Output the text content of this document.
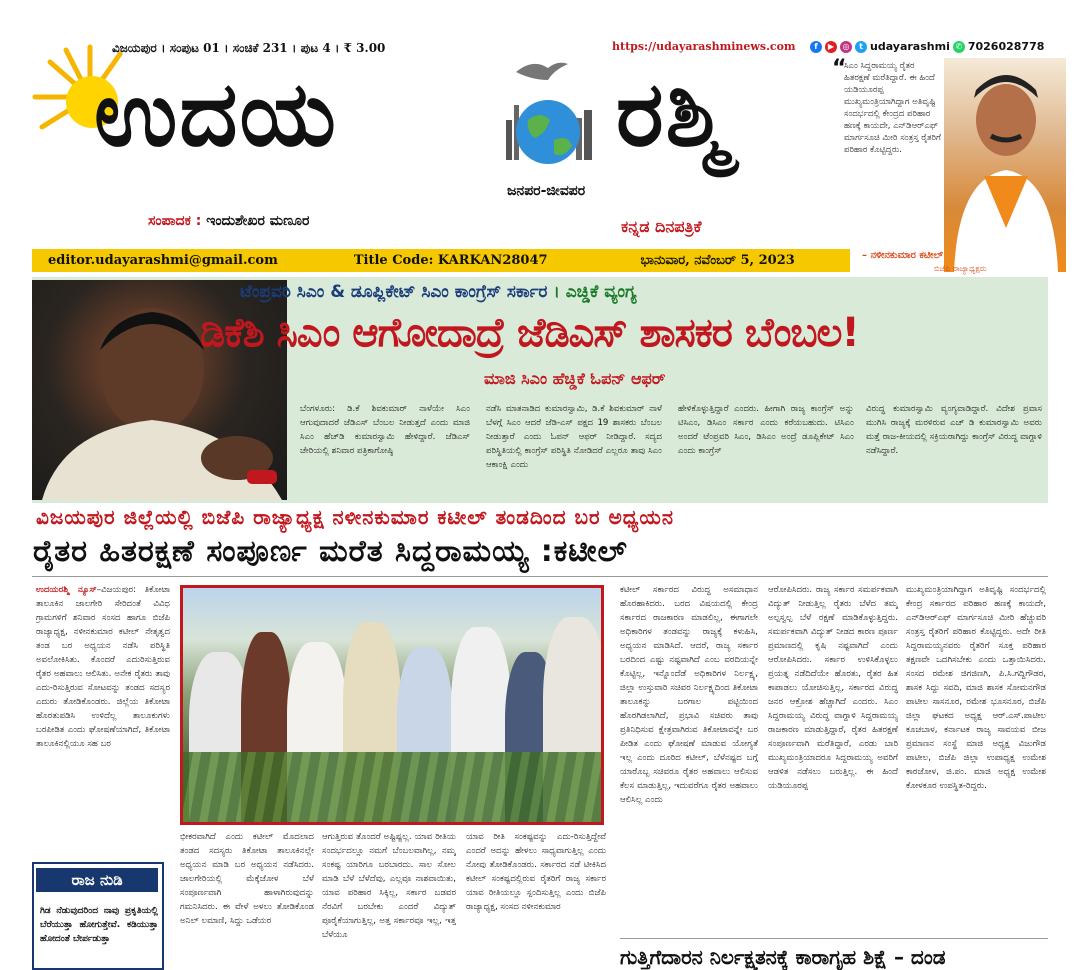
ವಿಜಯಪುರ । ಸಂಪುಟ 01 । ಸಂಚಿಕೆ 231 । ಪುಟ 4 । ₹ 3.00	https://udayarashminews.com	f	▶	◎	t udayarashmi ✆ 7026028778
ಉದಯ	ರಶ್ಮಿ
ಜನಪರ-ಜೀವಪರ
ಸಂಪಾದಕ : ಇಂದುಶೇಖರ ಮಣೂರ	ಕನ್ನಡ ದಿನಪತ್ರಿಕೆ
editor.udayarashmi@gmail.com	Title Code: KARKAN28047	ಭಾನುವಾರ, ನವೆಂಬರ್ 5, 2023
“
ಸಿಎಂ ಸಿದ್ದರಾಮಯ್ಯ ರೈತರ ಹಿತರಕ್ಷಣೆ ಮರೆತಿದ್ದಾರೆ. ಈ ಹಿಂದೆ ಯಡಿಯೂರಪ್ಪ ಮುಖ್ಯಮಂತ್ರಿಯಾಗಿದ್ದಾಗ ಅತಿವೃಷ್ಟಿ ಸಂದರ್ಭದಲ್ಲಿ ಕೇಂದ್ರದ ಪರಿಹಾರ ಹಣಕ್ಕೆ ಕಾಯದೇ, ಎನ್‌ಡಿಆರ್‌ಎಫ್ ಮಾರ್ಗಸೂಚಿ ಮೀರಿ ಸಂತ್ರಸ್ತ ರೈತರಿಗೆ ಪರಿಹಾರ ಕೊಟ್ಟಿದ್ದರು.
– ನಳೀನಕುಮಾರ ಕಟೀಲ್
ಬಿಜೆಪಿ ರಾಜ್ಯಾಧ್ಯಕ್ಷರು
ಟೆಂಪ್ರವರಿ ಸಿಎಂ & ಡೂಪ್ಲಿಕೇಟ್ ಸಿಎಂ ಕಾಂಗ್ರೆಸ್ ಸರ್ಕಾರ । ಎಚ್ಡಿಕೆ ವ್ಯಂಗ್ಯ
ಡಿಕೆಶಿ ಸಿಎಂ ಆಗೋದಾದ್ರೆ ಜೆಡಿಎಸ್ ಶಾಸಕರ ಬೆಂಬಲ!
ಮಾಜಿ ಸಿಎಂ ಹೆಚ್ಡಿಕೆ ಓಪನ್ ಆಫರ್
ಬೆಂಗಳೂರು: ಡಿ.ಕೆ ಶಿವಕುಮಾರ್ ನಾಳೆಯೇ ಸಿಎಂ ಆಗುವುದಾದರೆ ಜೆಡಿಎಸ್ ಬೆಂಬಲ ನೀಡುತ್ತದೆ ಎಂದು ಮಾಜಿ ಸಿಎಂ ಹೆಚ್‌ಡಿ ಕುಮಾರಸ್ವಾಮಿ ಹೇಳಿದ್ದಾರೆ. ಜೆಡಿಎಸ್ ಚೇರಿಯಲ್ಲಿ ಶನಿವಾರ ಪತ್ರಿಕಾಗೋಷ್ಠಿ
ನಡೆಸಿ ಮಾತನಾಡಿದ ಕುಮಾರಸ್ವಾಮಿ, ಡಿ.ಕೆ ಶಿವಕುಮಾರ್ ನಾಳೆ ಬೆಳಗ್ಗೆ ಸಿಎಂ ಆದರೆ ಜೆಡಿ-ಎಸ್ ಪಕ್ಷದ 19 ಶಾಸಕರು ಬೆಂಬಲ ನೀಡುತ್ತಾರೆ ಎಂದು ಓಪನ್ ಆಫರ್ ನೀಡಿದ್ದಾರೆ. ಸದ್ಯದ ಪರಿಸ್ಥಿತಿಯಲ್ಲಿ ಕಾಂಗ್ರೆಸ್ ಪರಿಸ್ಥಿತಿ ನೋಡಿದರೆ ಎಲ್ಲರೂ ತಾವು ಸಿಎಂ ಆಕಾಂಕ್ಷಿ ಎಂದು
ಹೇಳಿಕೊಳ್ಳುತ್ತಿದ್ದಾರೆ ಎಂದರು. ಹೀಗಾಗಿ ರಾಜ್ಯ ಕಾಂಗ್ರೆಸ್ ಅನ್ನು ಟಿಸಿಎಂ, ಡಿಸಿಎಂ ಸರ್ಕಾರ ಎಂದು ಕರೆಯಬಹುದು. ಟಿಸಿಎಂ ಅಂದರೆ ಟೆಂಪ್ರವರಿ ಸಿಎಂ, ಡಿಸಿಎಂ ಅಂದ್ರೆ ಡೂಪ್ಲಿಕೇಟ್ ಸಿಎಂ ಎಂದು ಕಾಂಗ್ರೆಸ್
ವಿರುದ್ಧ ಕುಮಾರಸ್ವಾಮಿ ವ್ಯಂಗ್ಯವಾಡಿದ್ದಾರೆ. ವಿದೇಶ ಪ್ರವಾಸ ಮುಗಿಸಿ ರಾಜ್ಯಕ್ಕೆ ಮರಳಿರುವ ಎಚ್ ಡಿ ಕುಮಾರಸ್ವಾಮಿ ಅವರು ಮತ್ತೆ ರಾಜ-ಕೀಯದಲ್ಲಿ ಸಕ್ರಿಯರಾಗಿದ್ದು ಕಾಂಗ್ರೆಸ್ ವಿರುದ್ಧ ವಾಗ್ದಾಳಿ ನಡೆಸಿದ್ದಾರೆ.
ವಿಜಯಪುರ ಜಿಲ್ಲೆಯಲ್ಲಿ ಬಿಜೆಪಿ ರಾಜ್ಯಾಧ್ಯಕ್ಷ ನಳೀನಕುಮಾರ ಕಟೀಲ್ ತಂಡದಿಂದ ಬರ ಅಧ್ಯಯನ
ರೈತರ ಹಿತರಕ್ಷಣೆ ಸಂಪೂರ್ಣ ಮರೆತ ಸಿದ್ದರಾಮಯ್ಯ :ಕಟೀಲ್
ಉದಯರಶ್ಮಿ ನ್ಯೂಸ್–ವಿಜಯಪುರ: ತಿಕೋಟಾ ತಾಲೂಕಿನ ಜಾಲಗೇರಿ ಸೇರಿದಂತೆ ವಿವಿಧ ಗ್ರಾಮಗಳಿಗೆ ಶನಿವಾರ ಸಂಸದ ಹಾಗೂ ಬಿಜೆಪಿ ರಾಜ್ಯಾಧ್ಯಕ್ಷ, ನಳೀನಕುಮಾರ ಕಟೀಲ್ ನೇತೃತ್ವದ ತಂಡ ಬರ ಅಧ್ಯಯನ ನಡೆಸಿ ಪರಿಸ್ಥಿತಿ ಅವಲೋಕಿಸಿತು. ಕೊಂದರೆ ಎದುರಿಸುತ್ತಿರುವ ರೈತರ ಅಹವಾಲು ಆಲಿಸಿತು. ಅನೇಕ ರೈತರು ತಾವು ಎದು-ರಿಸುತ್ತಿರುವ ಸೋಟವನ್ನು ತಂಡದ ಸದಸ್ಯರ ಎದುರು ತೋಡಿಕೊಂಡರು. ಜಿಲ್ಲೆಯ ತಿಕೋಟಾ ಹೊರತುಪಡಿಸಿ ಉಳಿದೆಲ್ಲ ತಾಲೂಕುಗಳು ಬರಪೀಡಿತ ಎಂದು ಘೋಷಣೆಯಾಗಿದೆ, ತಿಕೋಟಾ ತಾಲೂಕಿನಲ್ಲಿಯೂ ಸಹ ಬರ
ಭೀಕರವಾಗಿದೆ ಎಂದು ಕಟೀಲ್ ಮೊದಲಾದ ತಂಡದ ಸದಸ್ಯರು ತಿಕೋಟಾ ತಾಲೂಕಿನಲ್ಲೇ ಅಧ್ಯಯನ ಮಾಡಿ ಬರ ಅಧ್ಯಯನ ನಡೆಸಿದರು. ಜಾಲಗೇರಿಯಲ್ಲಿ ಮೆಕ್ಕೆಜೋಳ ಬೆಳೆ ಸಂಪೂರ್ಣವಾಗಿ ಹಾಳಾಗಿರುವುದನ್ನು ಗಮನಿಸಿದರು. ಈ ವೇಳೆ ಅಳಲು ತೋಡಿಕೊಂಡ ಅನಿಲ್ ಲಮಾಣಿ, ಸಿದ್ದು ಒಡೆಯರ
ಆಗುತ್ತಿರುವ ತೊಂದರೆ ಅಷ್ಟಿಷ್ಟಲ್ಲ. ಯಾವ ರೀತಿಯ ಸಂದರ್ಭದಲ್ಲೂ ನಮಗೆ ಬೆಂಬಲವಾಗಿಲ್ಲ, ನಮ್ಮ ಸಂಕಷ್ಟ ಯಾರಿಗೂ ಬರಬಾರದು. ಸಾಲ ಸೋಲ ಮಾಡಿ ಬೆಳೆ ಬೆಳೆದೆವು, ಎಲ್ಲವೂ ನಾಶವಾಯಿತು, ಯಾವ ಪರಿಹಾರ ಸಿಕ್ಕಿಲ್ಲ, ಸರ್ಕಾರ ಬಡವರ ನೆರವಿಗೆ ಬರಬೇಕು ಎಂದರೆ ವಿದ್ಯುತ್ ಪೂರೈಕೆಯಾಗುತ್ತಿಲ್ಲ, ಅತ್ತ ಸರ್ಕಾರವೂ ಇಲ್ಲ, ಇತ್ತ ಬೆಳೆಯೂ
ಯಾವ ರೀತಿ ಸಂಕಷ್ಟವನ್ನು ಎದು-ರಿಸುತ್ತಿದ್ದೇವೆ ಎಂದರೆ ಅದನ್ನು ಹೇಳಲು ಸಾಧ್ಯವಾಗುತ್ತಿಲ್ಲ ಎಂದು ನೋವು ತೋಡಿಕೊಂಡರು. ಸರ್ಕಾರದ ನಡೆ ಟೀಕಿಸಿದ ಕಟೀಲ್ ಸಂಕಷ್ಟದಲ್ಲಿರುವ ರೈತರಿಗೆ ರಾಜ್ಯ ಸರ್ಕಾರ ಯಾವ ರೀತಿಯಲ್ಲೂ ಸ್ಪಂದಿಸುತ್ತಿಲ್ಲ ಎಂದು ಬಿಜೆಪಿ ರಾಜ್ಯಾಧ್ಯಕ್ಷ, ಸಂಸದ ನಳೀನಕುಮಾರ
ಕಟೀಲ್ ಸರ್ಕಾರದ ವಿರುದ್ಧ ಅಸಮಾಧಾನ ಹೊರಹಾಕಿದರು. ಬರದ ವಿಷಯದಲ್ಲಿ ಕೇಂದ್ರ ಸರ್ಕಾರದ ರಾಜಕಾರಣ ಮಾಡಲಿಲ್ಲ, ಈಗಾಗಲೇ ಅಧಿಕಾರಿಗಳ ತಂಡವನ್ನು ರಾಜ್ಯಕ್ಕೆ ಕಳುಹಿಸಿ, ಅಧ್ಯಯನ ಮಾಡಿಸಿದೆ. ಆದರೆ, ರಾಜ್ಯ ಸರ್ಕಾರ ಬರದಿಂದ ಎಷ್ಟು ನಷ್ಟವಾಗಿದೆ ಎಂಬ ವರದಿಯನ್ನೇ ಕೊಟ್ಟಿಲ್ಲ, ಇನ್ನೊಂದೆಡೆ ಅಧಿಕಾರಿಗಳ ನಿರ್ಲಕ್ಷ್ಯ, ಜಿಲ್ಲಾ ಉಸ್ತುವಾರಿ ಸಚಿವರ ನಿರ್ಲಕ್ಷ್ಯದಿಂದ ತಿಕೋಟಾ ತಾಲೂಕನ್ನು ಬರಗಾಲ ಪಟ್ಟಿಯಿಂದ ಹೊರಗಿಡಲಾಗಿದೆ, ಪ್ರಭಾವಿ ಸಚಿವರು ತಾವು ಪ್ರತಿನಿಧಿಸುವ ಕ್ಷೇತ್ರವಾಗಿರುವ ತಿಕೋಟಾವನ್ನೇ ಬರ ಪೀಡಿತ ಎಂದು ಘೋಷಣೆ ಮಾಡುವ ಯೋಗ್ಯತೆ ಇಲ್ಲ ಎಂದು ದೂರಿದ ಕಟೀಲ್, ಬೆಳೆನಷ್ಟದ ಬಗ್ಗೆ ಯಾರೊಬ್ಬ ಸಚಿವರೂ ರೈತರ ಅಹವಾಲು ಆಲಿಸುವ ಕೆಲಸ ಮಾಡುತ್ತಿಲ್ಲ, ಇದುವರೆಗೂ ರೈತರ ಅಹವಾಲು ಆಲಿಸಿಲ್ಲ ಎಂದು
ಆರೋಪಿಸಿದರು. ರಾಜ್ಯ ಸರ್ಕಾರ ಸಮರ್ಪಕವಾಗಿ ವಿದ್ಯುತ್ ನೀಡುತ್ತಿಲ್ಲ ರೈತರು ಬೆಳೆದ ತಮ್ಮ ಅಲ್ಪಸ್ವಲ್ಪ ಬೆಳೆ ರಕ್ಷಣೆ ಮಾಡಿಕೊಳ್ಳುತ್ತಿದ್ದರು. ಸಮರ್ಪಕವಾಗಿ ವಿದ್ಯುತ್ ನೀಡದ ಕಾರಣ ಪೂರ್ಣ ಪ್ರಮಾಣದಲ್ಲಿ ಕೃಷಿ ನಷ್ಟವಾಗಿದೆ ಎಂದು ಆರೋಪಿಸಿದರು. ಸರ್ಕಾರ ಉಳಿಸಿಕೊಳ್ಳಲು ಪ್ರಯತ್ನ ನಡೆದಿದೆಯೇ ಹೊರತು, ರೈತರ ಹಿತ ಕಾಪಾಡಲು ಯೋಚಿಸುತ್ತಿಲ್ಲ, ಸರ್ಕಾರದ ವಿರುದ್ಧ ಜನರ ಆಕ್ರೋಶ ಹೆಚ್ಚಾಗಿದೆ ಎಂದರು. ಸಿಎಂ ಸಿದ್ದರಾಮಯ್ಯ ವಿರುದ್ಧ ವಾಗ್ದಾಳಿ ಸಿದ್ದರಾಮಯ್ಯ ರಾಜಕಾರಣ ಮಾಡುತ್ತಿದ್ದಾರೆ, ರೈತರ ಹಿತರಕ್ಷಣೆ ಸಂಪೂರ್ಣವಾಗಿ ಮರೆತಿದ್ದಾರೆ, ಎರಡು ಬಾರಿ ಮುಖ್ಯಮಂತ್ರಿಯಾದರೂ ಸಿದ್ದರಾಮಯ್ಯ ಅವರಿಗೆ ಆಡಳಿತ ನಡೆಸಲು ಬರುತ್ತಿಲ್ಲ. ಈ ಹಿಂದೆ ಯಡಿಯೂರಪ್ಪ
ಮುಖ್ಯಮಂತ್ರಿಯಾಗಿದ್ದಾಗ ಅತಿವೃಷ್ಟಿ ಸಂದರ್ಭದಲ್ಲಿ ಕೇಂದ್ರ ಸರ್ಕಾರದ ಪರಿಹಾರ ಹಣಕ್ಕೆ ಕಾಯದೇ, ಎನ್‌ಡಿಆರ್‌ಎಫ್ ಮಾರ್ಗಸೂಚಿ ಮೀರಿ ಹೆಚ್ಚುವರಿ ಸಂತ್ರಸ್ತ ರೈತರಿಗೆ ಪರಿಹಾರ ಕೊಟ್ಟಿದ್ದರು. ಅದೇ ರೀತಿ ಸಿದ್ದರಾಮಯ್ಯನವರು ರೈತರಿಗೆ ಸೂಕ್ತ ಪರಿಹಾರ ತಕ್ಷಣವೇ ಒದಗಿಸಬೇಕು ಎಂದು ಒತ್ತಾಯಿಸಿದರು. ಸಂಸದ ರಮೇಶ ಜಿಗಜಿಣಗಿ, ಪಿ.ಸಿ.ಗದ್ದಿಗೌಡರ, ಶಾಸಕ ಸಿದ್ದು ಸವದಿ, ಮಾಜಿ ಶಾಸಕ ಸೋಮನಗೌಡ ಪಾಟೀಲ ಸಾಸನೂರ, ರಮೇಶ ಭೂಸನೂರ, ಬಿಜೆಪಿ ಜಿಲ್ಲಾ ಘಟಕದ ಅಧ್ಯಕ್ಷ ಆರ್.ಎಸ್.ಪಾಟೀಲ ಕೂಚಬಾಳ, ಕರ್ನಾಟಕ ರಾಜ್ಯ ಸಾವಯವ ಬೀಜ ಪ್ರಮಾಣನ ಸಂಸ್ಥೆ ಮಾಜಿ ಅಧ್ಯಕ್ಷ ವಿಜುಗೌಡ ಪಾಟೀಲ, ಬಿಜೆಪಿ ಜಿಲ್ಲಾ ಉಪಾಧ್ಯಕ್ಷ ಉಮೇಶ ಕಾರಜೋಳ, ಜಿ.ಪಂ. ಮಾಜಿ ಅಧ್ಯಕ್ಷ ಉಮೇಶ ಕೋಳಕೂರ ಉಪಸ್ಥಿತ-ರಿದ್ದರು.
ರಾಜ ನುಡಿ
ಗಿಡ ನೆಡುವುದರಿಂದ ನಾವು ಪ್ರಕೃತಿಯಲ್ಲಿ ಬೆರೆಯುತ್ತಾ ಹೋಗುತ್ತೇವೆ. ಕಡಿಯುತ್ತಾ ಹೋದಂತೆ ಬೇರ್ಪಡುತ್ತಾ
ಗುತ್ತಿಗೆದಾರನ ನಿರ್ಲಕ್ಷ್ಯತನಕ್ಕೆ ಕಾರಾಗೃಹ ಶಿಕ್ಷೆ – ದಂಡ
